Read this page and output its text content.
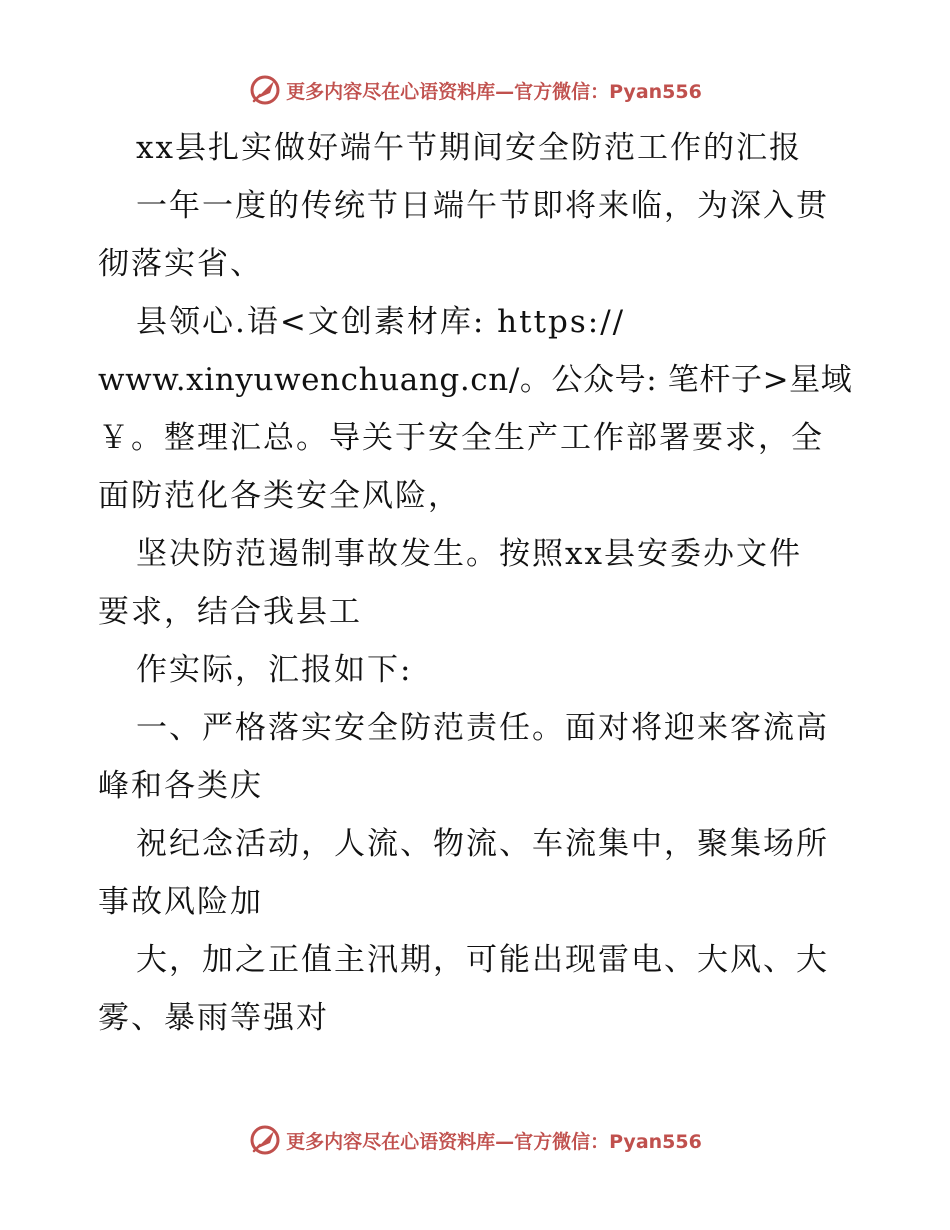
更多内容尽在心语资料库—官方微信：Pyan556
xx县扎实做好端午节期间安全防范工作的汇报
一年一度的传统节日端午节即将来临，为深入贯
彻落实省、
县领心.语<文创素材库: https://
www.xinyuwenchuang.cn/。公众号: 笔杆子>星域
￥。整理汇总。导关于安全生产工作部署要求，全
面防范化各类安全风险，
坚决防范遏制事故发生。按照xx县安委办文件
要求，结合我县工
作实际，汇报如下:
一、严格落实安全防范责任。面对将迎来客流高
峰和各类庆
祝纪念活动，人流、物流、车流集中，聚集场所
事故风险加
大，加之正值主汛期，可能出现雷电、大风、大
雾、暴雨等强对
更多内容尽在心语资料库—官方微信：Pyan556
